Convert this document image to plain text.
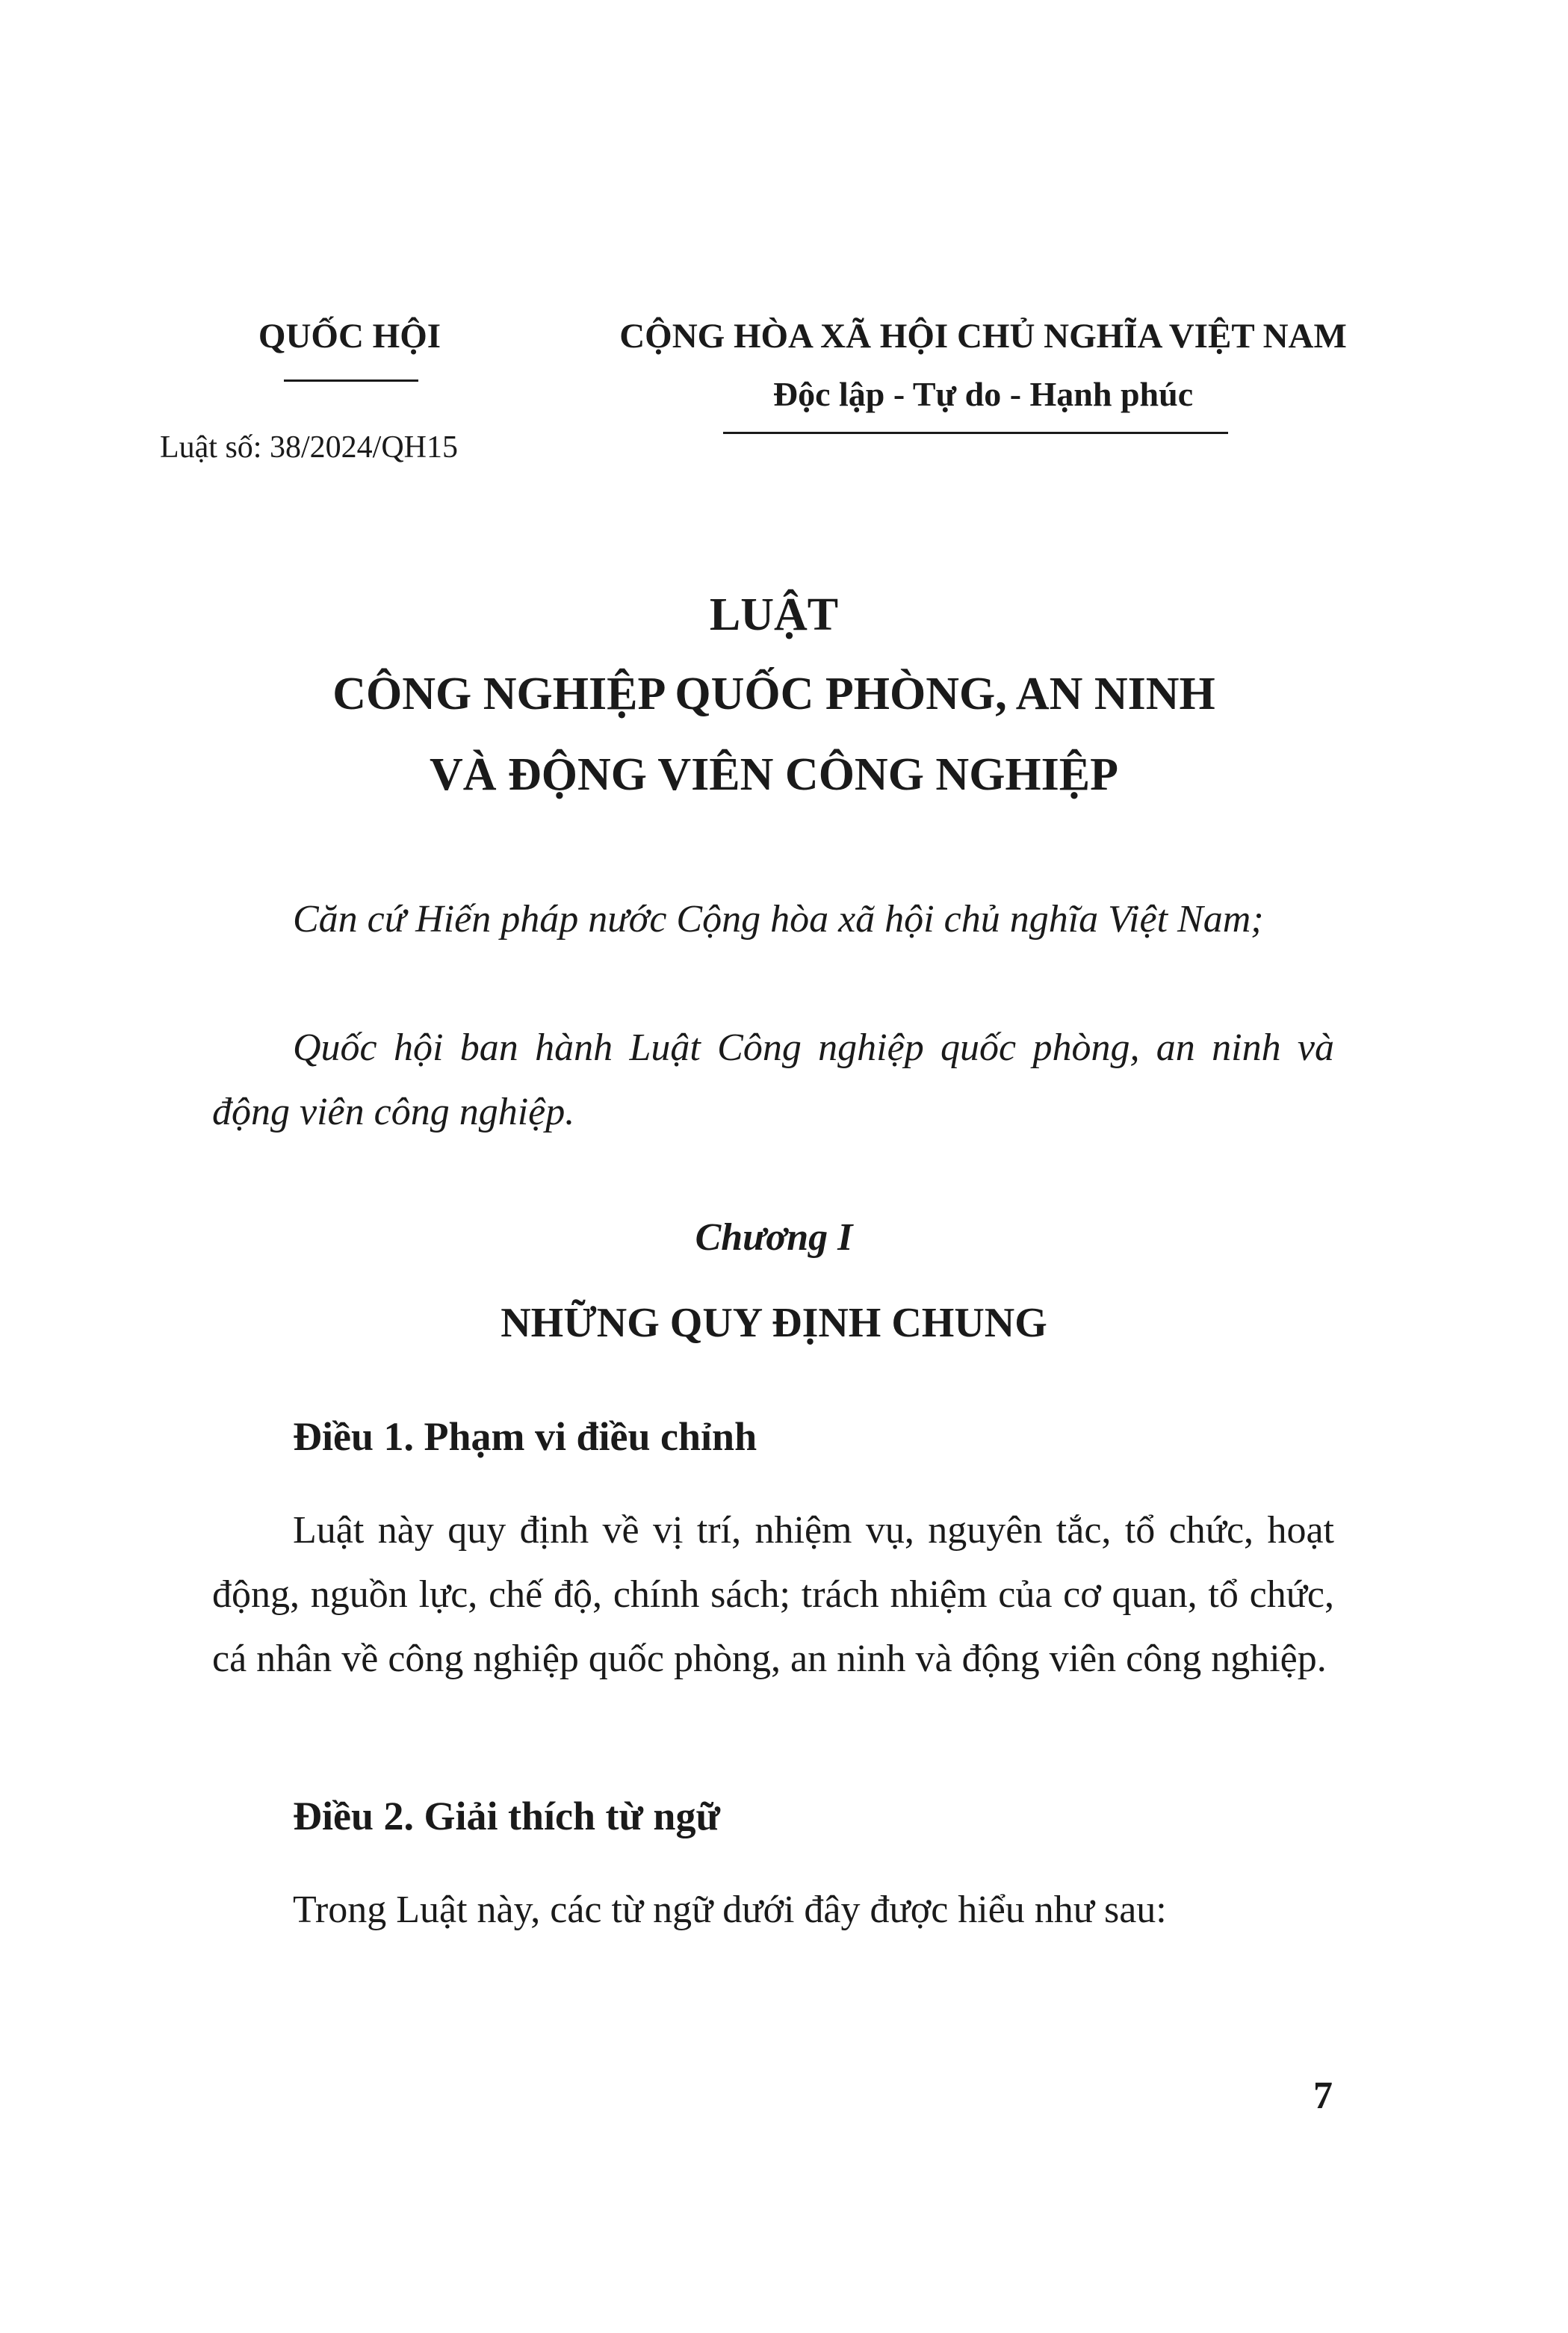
QUỐC HỘI	CỘNG HÒA XÃ HỘI CHỦ NGHĨA VIỆT NAM
Độc lập - Tự do - Hạnh phúc
Luật số: 38/2024/QH15
LUẬT
CÔNG NGHIỆP QUỐC PHÒNG, AN NINH
VÀ ĐỘNG VIÊN CÔNG NGHIỆP

Căn cứ Hiến pháp nước Cộng hòa xã hội chủ nghĩa Việt Nam;

Quốc hội ban hành Luật Công nghiệp quốc phòng, an ninh và động viên công nghiệp.

Chương I
NHỮNG QUY ĐỊNH CHUNG
Điều 1. Phạm vi điều chỉnh

Luật này quy định về vị trí, nhiệm vụ, nguyên tắc, tổ chức, hoạt động, nguồn lực, chế độ, chính sách; trách nhiệm của cơ quan, tổ chức, cá nhân về công nghiệp quốc phòng, an ninh và động viên công nghiệp.

Điều 2. Giải thích từ ngữ

Trong Luật này, các từ ngữ dưới đây được hiểu như sau:

7
